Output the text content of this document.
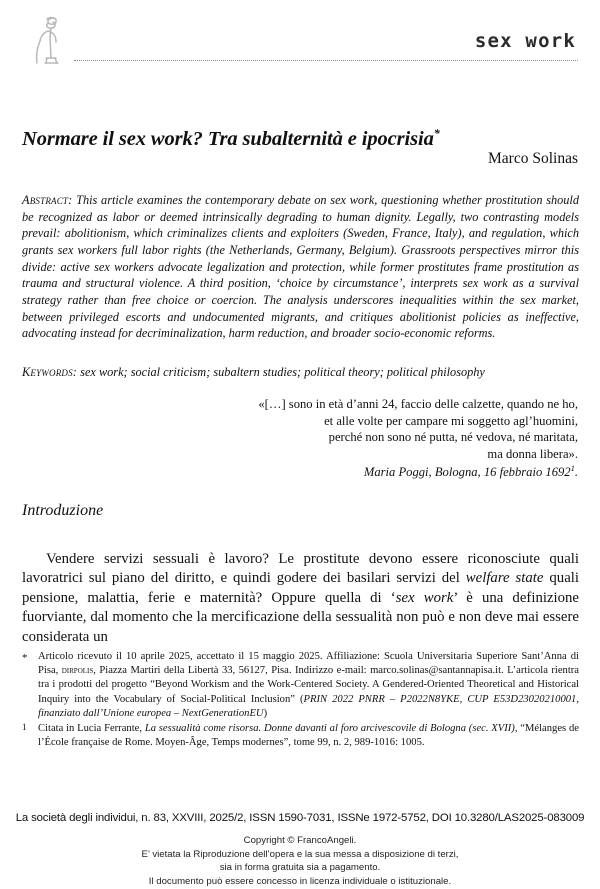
sex work
Normare il sex work? Tra subalternità e ipocrisia*
Marco Solinas
Abstract: This article examines the contemporary debate on sex work, questioning whether prostitution should be recognized as labor or deemed intrinsically degrading to human dignity. Legally, two contrasting models prevail: abolitionism, which criminalizes clients and exploiters (Sweden, France, Italy), and regulation, which grants sex workers full labor rights (the Netherlands, Germany, Belgium). Grassroots perspectives mirror this divide: active sex workers advocate legalization and protection, while former prostitutes frame prostitution as trauma and structural violence. A third position, ‘choice by circumstance’, interprets sex work as a survival strategy rather than free choice or coercion. The analysis underscores inequalities within the sex market, between privileged escorts and undocumented migrants, and critiques abolitionist policies as ineffective, advocating instead for decriminalization, harm reduction, and broader socio-economic reforms.
Keywords: sex work; social criticism; subaltern studies; political theory; political philosophy
«[…] sono in età d’anni 24, faccio delle calzette, quando ne ho,
et alle volte per campare mi soggetto agl’huomini,
perché non sono né putta, né vedova, né maritata,
ma donna libera».
Maria Poggi, Bologna, 16 febbraio 1692$^1$.
Introduzione

Vendere servizi sessuali è lavoro? Le prostitute devono essere riconosciute quali lavoratrici sul piano del diritto, e quindi godere dei basilari servizi del welfare state quali pensione, malattia, ferie e maternità? Oppure quella di ‘sex work’ è una definizione fuorviante, dal momento che la mercificazione della sessualità non può e non deve mai essere considerata un

* Articolo ricevuto il 10 aprile 2025, accettato il 15 maggio 2025. Affiliazione: Scuola Universitaria Superiore Sant’Anna di Pisa, dirpolis, Piazza Martiri della Libertà 33, 56127, Pisa. Indirizzo e-mail: marco.solinas@santannapisa.it. L’articola rientra tra i prodotti del progetto “Beyond Workism and the Work-Centered Society. A Gendered-Oriented Theoretical and Historical Inquiry into the Vocabulary of Social-Political Inclusion” (PRIN 2022 PNRR – P2022N8YKE, CUP E53D23020210001, finanziato dall’Unione europea – NextGenerationEU)
1 Citata in Lucia Ferrante, La sessualità come risorsa. Donne davanti al foro arcivescovile di Bologna (sec. XVII), “Mélanges de l’École française de Rome. Moyen-Âge, Temps modernes”, tome 99, n. 2, 989-1016: 1005.
La società degli individui, n. 83, XXVIII, 2025/2, ISSN 1590-7031, ISSNe 1972-5752, DOI 10.3280/LAS2025-083009
Copyright © FrancoAngeli.
E’ vietata la Riproduzione dell’opera e la sua messa a disposizione di terzi,
sia in forma gratuita sia a pagamento.
Il documento può essere concesso in licenza individuale o istituzionale.
